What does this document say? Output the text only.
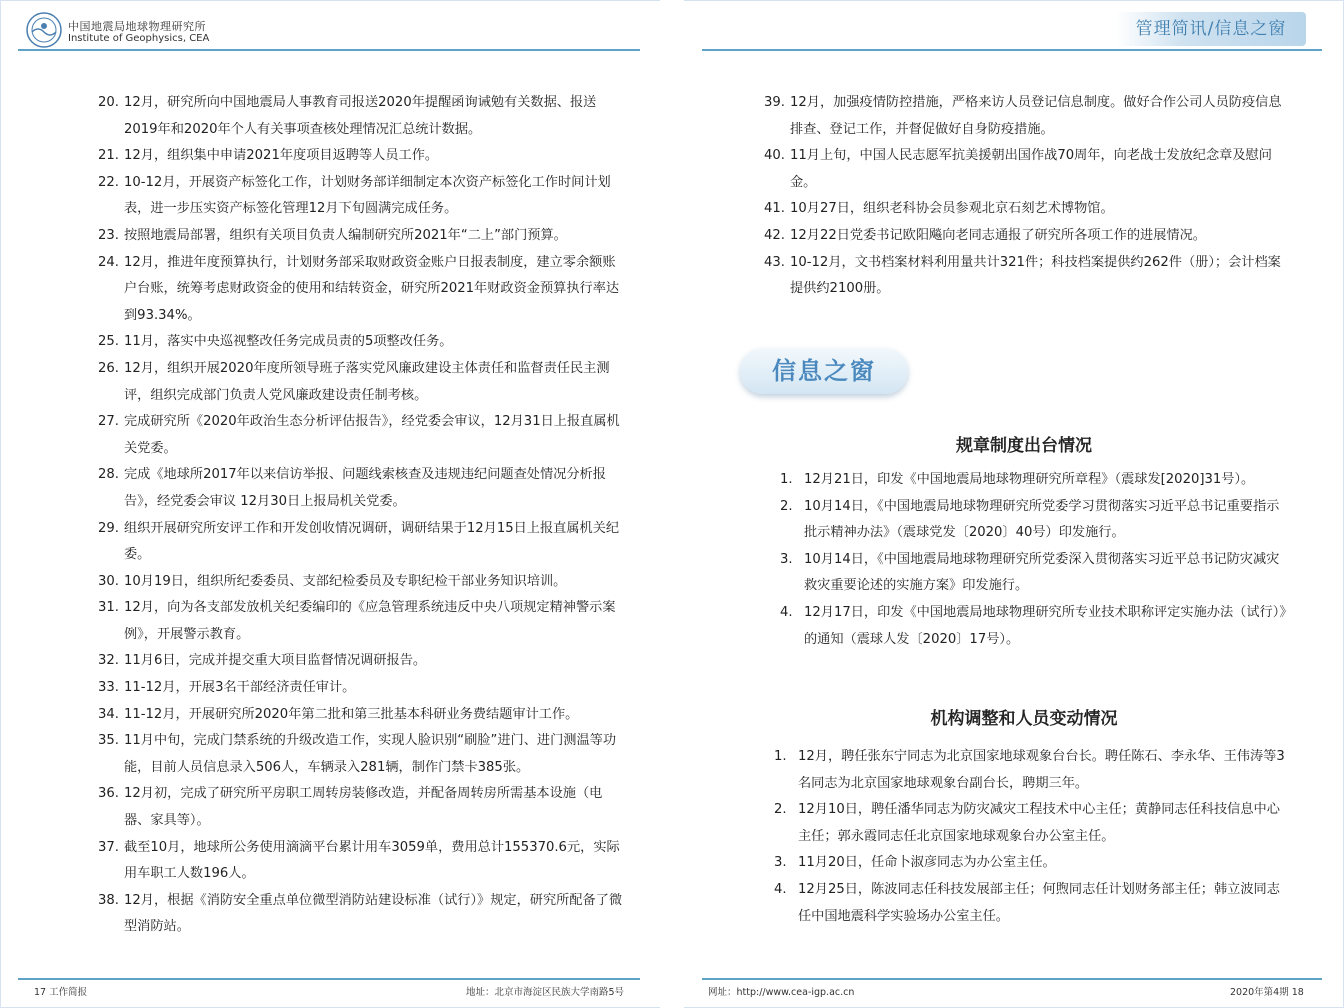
中国地震局地球物理研究所
Institute of Geophysics, CEA
20. 12月，研究所向中国地震局人事教育司报送2020年提醒函询诫勉有关数据、报送2019年和2020年个人有关事项查核处理情况汇总统计数据。
21. 12月，组织集中申请2021年度项目返聘等人员工作。
22. 10-12月，开展资产标签化工作，计划财务部详细制定本次资产标签化工作时间计划表，进一步压实资产标签化管理12月下旬圆满完成任务。
23. 按照地震局部署，组织有关项目负责人编制研究所2021年“二上”部门预算。
24. 12月，推进年度预算执行，计划财务部采取财政资金账户日报表制度，建立零余额账户台账，统筹考虑财政资金的使用和结转资金，研究所2021年财政资金预算执行率达到93.34%。
25. 11月，落实中央巡视整改任务完成员责的5项整改任务。
26. 12月，组织开展2020年度所领导班子落实党风廉政建设主体责任和监督责任民主测评，组织完成部门负责人党风廉政建设责任制考核。
27. 完成研究所《2020年政治生态分析评估报告》，经党委会审议，12月31日上报直属机关党委。
28. 完成《地球所2017年以来信访举报、问题线索核查及违规违纪问题查处情况分析报告》，经党委会审议 12月30日上报局机关党委。
29. 组织开展研究所安评工作和开发创收情况调研，调研结果于12月15日上报直属机关纪委。
30. 10月19日，组织所纪委委员、支部纪检委员及专职纪检干部业务知识培训。
31. 12月，向为各支部发放机关纪委编印的《应急管理系统违反中央八项规定精神警示案例》，开展警示教育。
32. 11月6日，完成并提交重大项目监督情况调研报告。
33. 11-12月，开展3名干部经济责任审计。
34. 11-12月，开展研究所2020年第二批和第三批基本科研业务费结题审计工作。
35. 11月中旬，完成门禁系统的升级改造工作，实现人脸识别“刷脸”进门、进门测温等功能，目前人员信息录入506人，车辆录入281辆，制作门禁卡385张。
36. 12月初，完成了研究所平房职工周转房装修改造，并配备周转房所需基本设施（电器、家具等）。
37. 截至10月，地球所公务使用滴滴平台累计用车3059单，费用总计155370.6元，实际用车职工人数196人。
38. 12月，根据《消防安全重点单位微型消防站建设标准（试行）》规定，研究所配备了微型消防站。
17 工作简报	地址：北京市海淀区民族大学南路5号
管理简讯/信息之窗
39. 12月，加强疫情防控措施，严格来访人员登记信息制度。做好合作公司人员防疫信息排查、登记工作，并督促做好自身防疫措施。
40. 11月上旬，中国人民志愿军抗美援朝出国作战70周年，向老战士发放纪念章及慰问金。
41. 10月27日，组织老科协会员参观北京石刻艺术博物馆。
42. 12月22日党委书记欧阳飚向老同志通报了研究所各项工作的进展情况。
43. 10-12月，文书档案材料利用量共计321件；科技档案提供约262件（册）；会计档案提供约2100册。
信息之窗
规章制度出台情况
1. 12月21日，印发《中国地震局地球物理研究所章程》（震球发[2020]31号）。
2. 10月14日，《中国地震局地球物理研究所党委学习贯彻落实习近平总书记重要指示批示精神办法》（震球党发〔2020〕40号）印发施行。
3. 10月14日，《中国地震局地球物理研究所党委深入贯彻落实习近平总书记防灾减灾救灾重要论述的实施方案》印发施行。
4. 12月17日，印发《中国地震局地球物理研究所专业技术职称评定实施办法（试行）》的通知（震球人发〔2020〕17号）。
机构调整和人员变动情况
1. 12月，聘任张东宁同志为北京国家地球观象台台长。聘任陈石、李永华、王伟涛等3名同志为北京国家地球观象台副台长，聘期三年。
2. 12月10日，聘任潘华同志为防灾减灾工程技术中心主任；黄静同志任科技信息中心主任；郭永霞同志任北京国家地球观象台办公室主任。
3. 11月20日，任命卜淑彦同志为办公室主任。
4. 12月25日，陈波同志任科技发展部主任；何煦同志任计划财务部主任；韩立波同志任中国地震科学实验场办公室主任。
网址：http://www.cea-igp.ac.cn	2020年第4期 18
